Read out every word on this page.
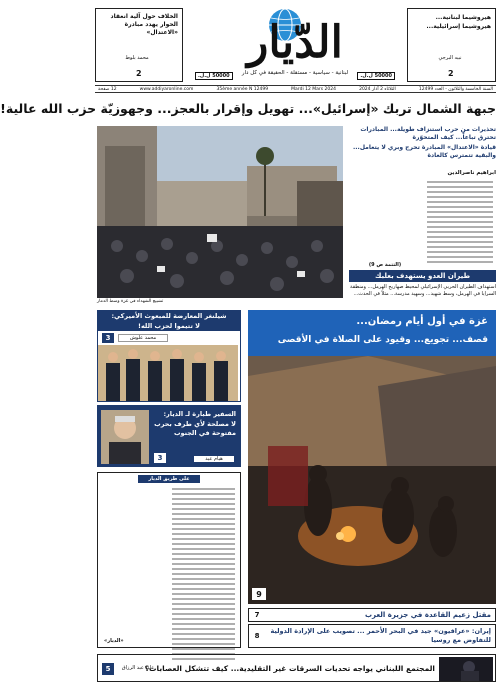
الخلاف حول آلية انعقاد الحوار يهدد مبادرة «الاعتدال»
محمد بلوط
2
هيروشيما لبنانية... هيروشيما إسرائيلية...
نبيه البرجي
2
الدّيار
لبنانية - سياسية - مستقلة - الحقيقة في كل دار
50000 ل.ل.	50000 ل.ل.
السنة الخامسة والثلاثون - العدد 12499
الثلاثاء 2 آذار 2024
Mardi 12 Mars 2024
35ème année N 12499
www.addiyaronline.com
12 صفحة
جبهة الشمال تربك «إسرائيل»... تهويل وإقرار بالعجز... وجهوزيّة حزب الله عالية!
تشييع الشهداء في غزة وسط الدمار
تحذيرات من حرب استنزاف طويلة... المبادرات تحترق تباعاً... كيف المتحوّرة
قيادة «الاعتدال» المبادرة تحرج وبري لا يتعامل... والبقية تتمترس كالعادة
ابراهيم ناصرالدين
(التتمة ص 9)
طيران العدو يستهدف بعلبك
استهداف الطيران الحربي الإسرائيلي لمحيط صهاريج الهرمل... ومنطقة السرايا في الهرمل، وسط شهيد... وسهيد مدرسة... مثلاً في الحدث...
شيلنغر المعارضة للمبعوث الأميركي:
لا تتيموا لحزب الله!
محمد علوش
3
السفير طبارة لـ الديار:
لا مصلحة لأي طرف بحرب مفتوحة في الجنوب
هيام عيد
3
غزة في أول أيام رمضان...
قصف... تجويع... وقيود على الصلاة في الأقصى
9
على طريق الديار
«الديار»
7	مقتل زعيم القاعدة في جزيرة العرب
8
إيران: «عراقيون» جيد في البحر الأحمر ... تصويب على الإرادة الدولية للتفاوض مع روسيا
5	علي عبد الرزاق
المجتمع اللبناني يواجه تحديات السرقات غير التقليدية... كيف تتشكل العصابات؟
